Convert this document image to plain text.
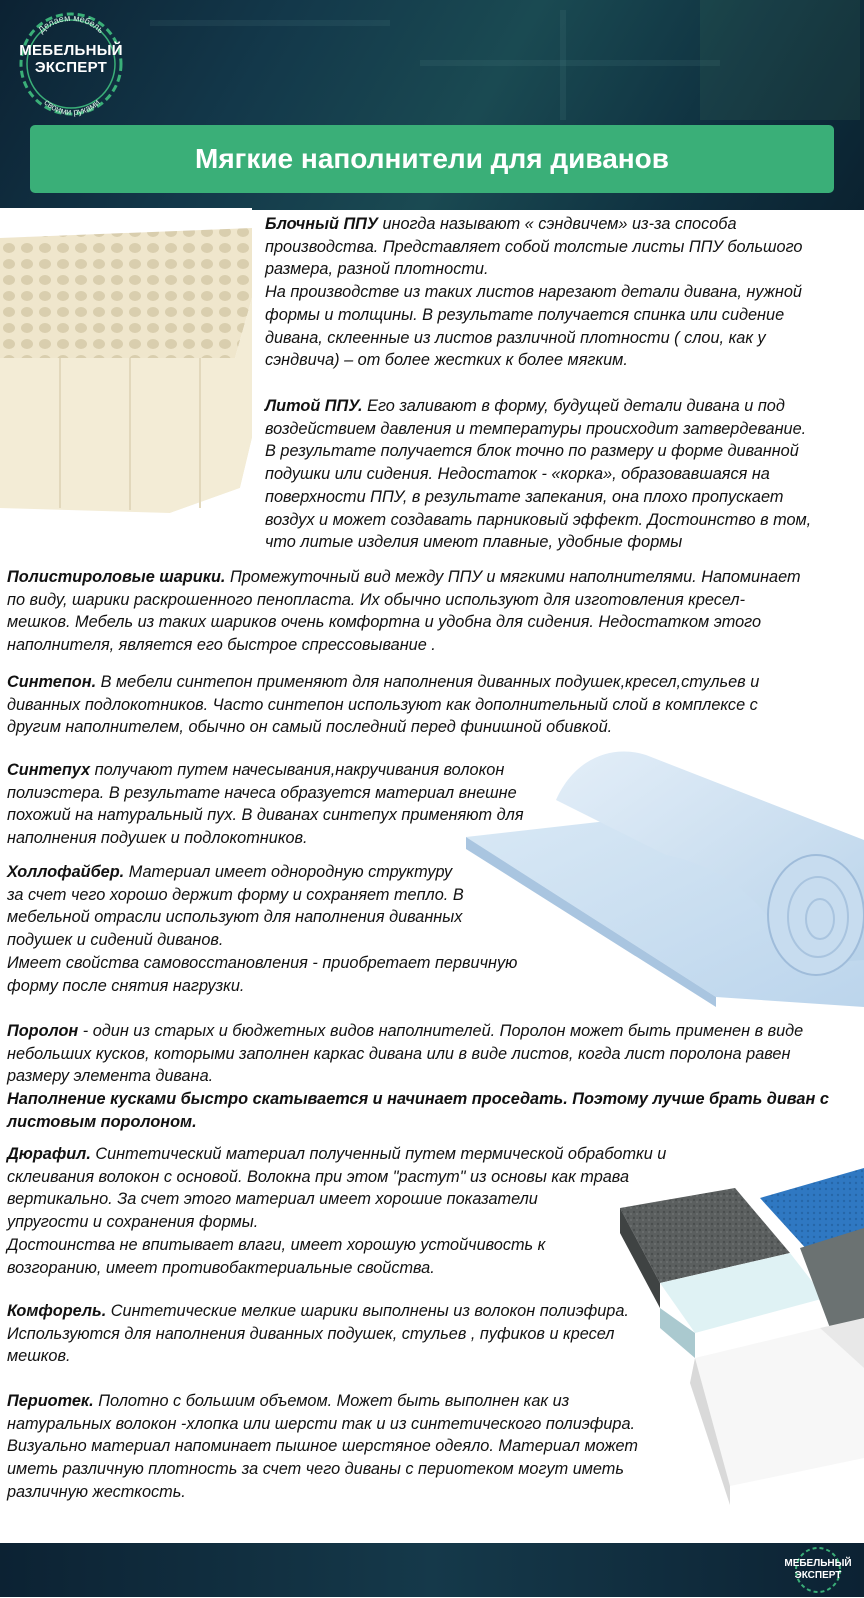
Делаем мебель
своими руками
МЕБЕЛЬНЫЙ
ЭКСПЕРТ
Мягкие наполнители для диванов

Блочный ППУ иногда называют « сэндвичем» из-за способа

производства. Представляет собой толстые листы ППУ большого

размера, разной плотности.

На производстве из таких листов нарезают детали дивана, нужной

формы и толщины. В результате получается спинка или сидение

дивана, склеенные из листов различной плотности ( слои, как у

сэндвича) – от более жестких к более мягким.

Литой ППУ. Его заливают в форму, будущей детали дивана и под

воздействием давления и температуры происходит затвердевание.

В результате получается блок точно по размеру и форме диванной

подушки или сидения. Недостаток - «корка», образовавшаяся на

поверхности ППУ, в результате запекания, она плохо пропускает

воздух и может создавать парниковый эффект. Достоинство в том,

что литые изделия имеют плавные, удобные формы

Полистироловые шарики. Промежуточный вид между ППУ и мягкими наполнителями. Напоминает

по виду, шарики раскрошенного пенопласта. Их обычно используют для изготовления кресел-

мешков. Мебель из таких шариков очень комфортна и удобна для сидения. Недостатком этого

наполнителя, является его быстрое спрессовывание .

Синтепон. В мебели синтепон применяют для наполнения диванных подушек,кресел,стульев и

диванных подлокотников. Часто синтепон используют как дополнительный слой в комплексе с

другим наполнителем, обычно он самый последний перед финишной обивкой.

Синтепух получают путем начесывания,накручивания волокон

полиэстера. В результате начеса образуется материал внешне

похожий на натуральный пух. В диванах синтепух применяют для

наполнения подушек и подлокотников.

Холлофайбер. Материал имеет однородную структуру

за счет чего хорошо держит форму и сохраняет тепло. В

мебельной отрасли используют для наполнения диванных

подушек и сидений диванов.

Имеет свойства самовосстановления - приобретает первичную

форму после снятия нагрузки.

Поролон - один из старых и бюджетных видов наполнителей. Поролон может быть применен в виде

небольших кусков, которыми заполнен каркас дивана или в виде листов, когда лист поролона равен

размеру элемента дивана.

Наполнение кусками быстро скатывается и начинает проседать. Поэтому лучше брать диван с

листовым поролоном.

Дюрафил. Синтетический материал полученный путем термической обработки и

склеивания волокон с основой. Волокна при этом "растут" из основы как трава

вертикально. За счет этого материал имеет хорошие показатели

упругости и сохранения формы.

Достоинства не впитывает влаги, имеет хорошую устойчивость к

возгоранию, имеет противобактериальные свойства.

Комфорель. Синтетические мелкие шарики выполнены из волокон полиэфира.

Используются для наполнения диванных подушек, стульев , пуфиков и кресел

мешков.

Периотек. Полотно с большим объемом. Может быть выполнен как из

натуральных волокон -хлопка или шерсти так и из синтетического полиэфира.

Визуально материал напоминает пышное шерстяное одеяло. Материал может

иметь различную плотность за счет чего диваны с периотеком могут иметь

различную жесткость.

МЕБЕЛЬНЫЙ
ЭКСПЕРТ
